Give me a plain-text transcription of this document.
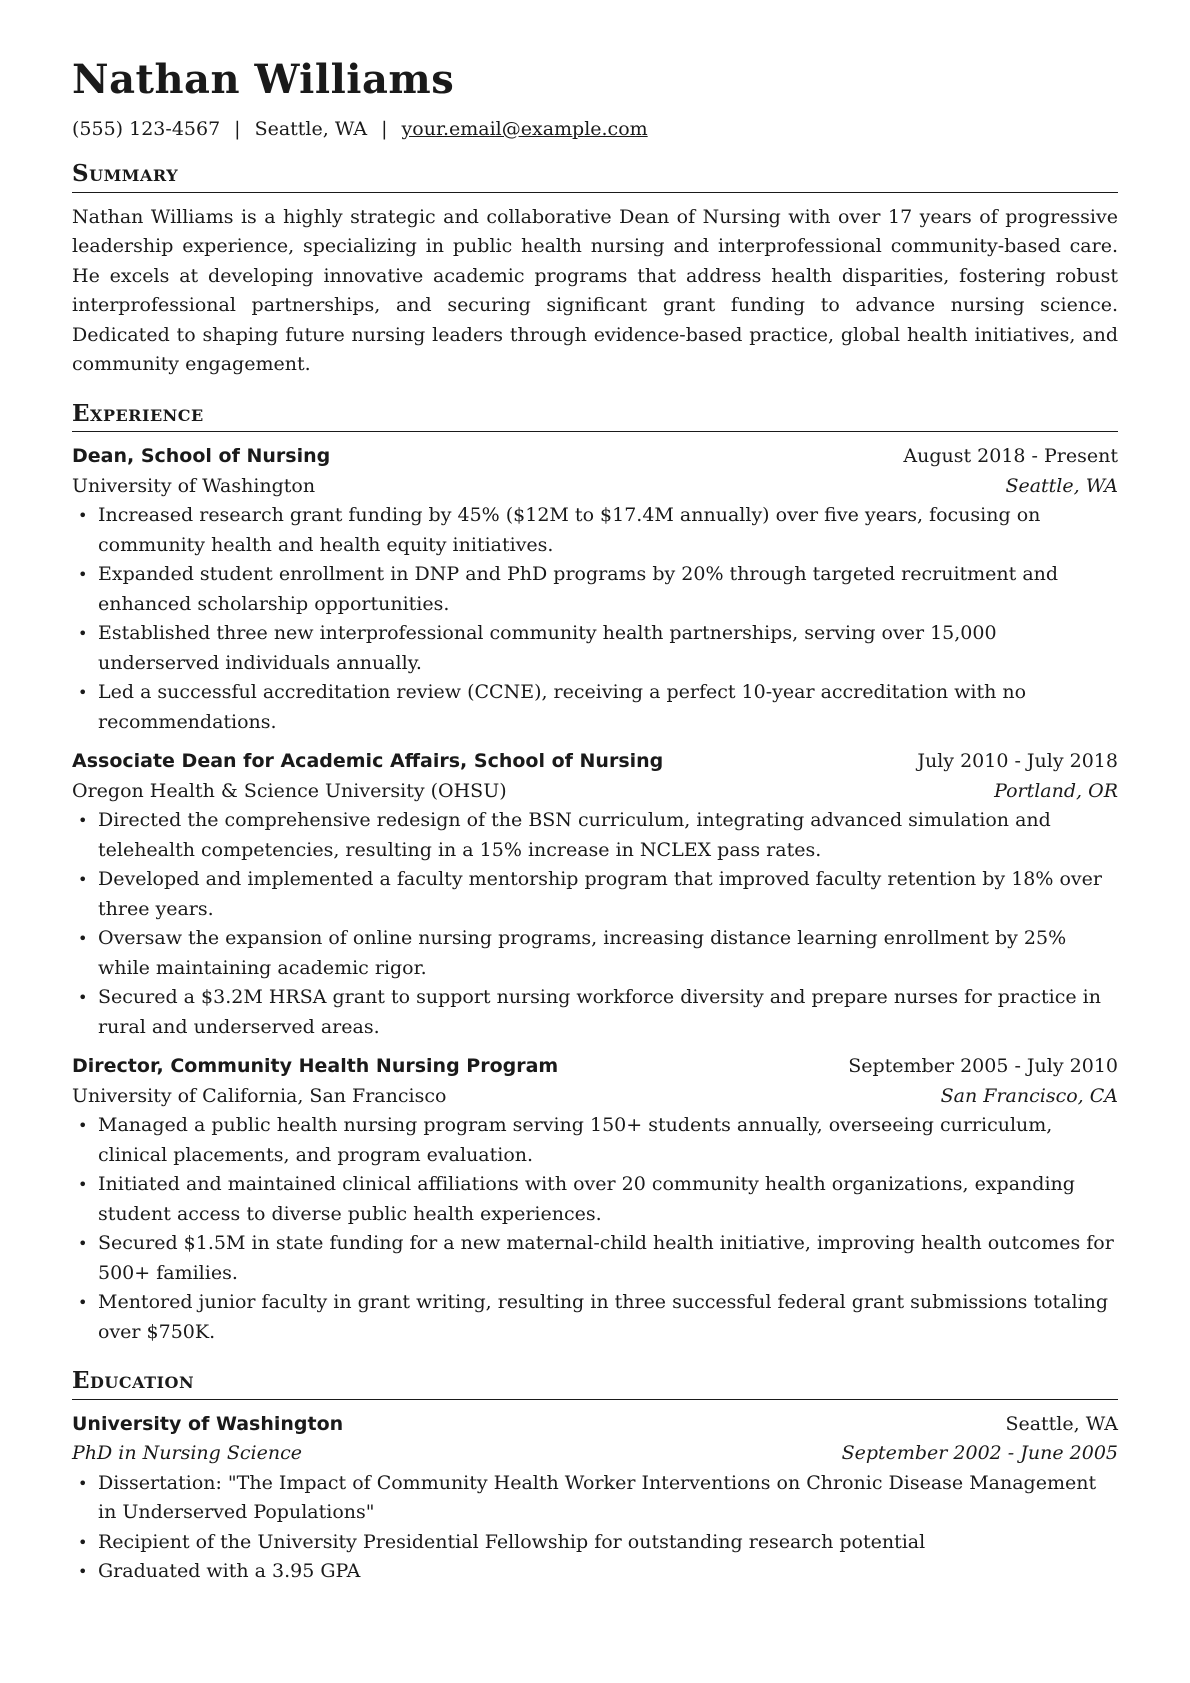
Nathan Williams
(555) 123-4567 | Seattle, WA | your.email@example.com
Summary
Nathan Williams is a highly strategic and collaborative Dean of Nursing with over 17 years of progressive leadership experience, specializing in public health nursing and interprofessional community-based care. He excels at developing innovative academic programs that address health disparities, fostering robust interprofessional partnerships, and securing significant grant funding to advance nursing science. Dedicated to shaping future nursing leaders through evidence-based practice, global health initiatives, and community engagement.
Experience
Dean, School of Nursing	August 2018 - Present
University of Washington	Seattle, WA
• Increased research grant funding by 45% ($12M to $17.4M annually) over five years, focusing on community health and health equity initiatives.
• Expanded student enrollment in DNP and PhD programs by 20% through targeted recruitment and enhanced scholarship opportunities.
• Established three new interprofessional community health partnerships, serving over 15,000 underserved individuals annually.
• Led a successful accreditation review (CCNE), receiving a perfect 10-year accreditation with no recommendations.
Associate Dean for Academic Affairs, School of Nursing	July 2010 - July 2018
Oregon Health & Science University (OHSU)	Portland, OR
• Directed the comprehensive redesign of the BSN curriculum, integrating advanced simulation and telehealth competencies, resulting in a 15% increase in NCLEX pass rates.
• Developed and implemented a faculty mentorship program that improved faculty retention by 18% over three years.
• Oversaw the expansion of online nursing programs, increasing distance learning enrollment by 25% while maintaining academic rigor.
• Secured a $3.2M HRSA grant to support nursing workforce diversity and prepare nurses for practice in rural and underserved areas.
Director, Community Health Nursing Program	September 2005 - July 2010
University of California, San Francisco	San Francisco, CA
• Managed a public health nursing program serving 150+ students annually, overseeing curriculum, clinical placements, and program evaluation.
• Initiated and maintained clinical affiliations with over 20 community health organizations, expanding student access to diverse public health experiences.
• Secured $1.5M in state funding for a new maternal-child health initiative, improving health outcomes for 500+ families.
• Mentored junior faculty in grant writing, resulting in three successful federal grant submissions totaling over $750K.
Education
University of Washington	Seattle, WA
PhD in Nursing Science	September 2002 - June 2005
• Dissertation: "The Impact of Community Health Worker Interventions on Chronic Disease Management in Underserved Populations"
• Recipient of the University Presidential Fellowship for outstanding research potential
• Graduated with a 3.95 GPA
